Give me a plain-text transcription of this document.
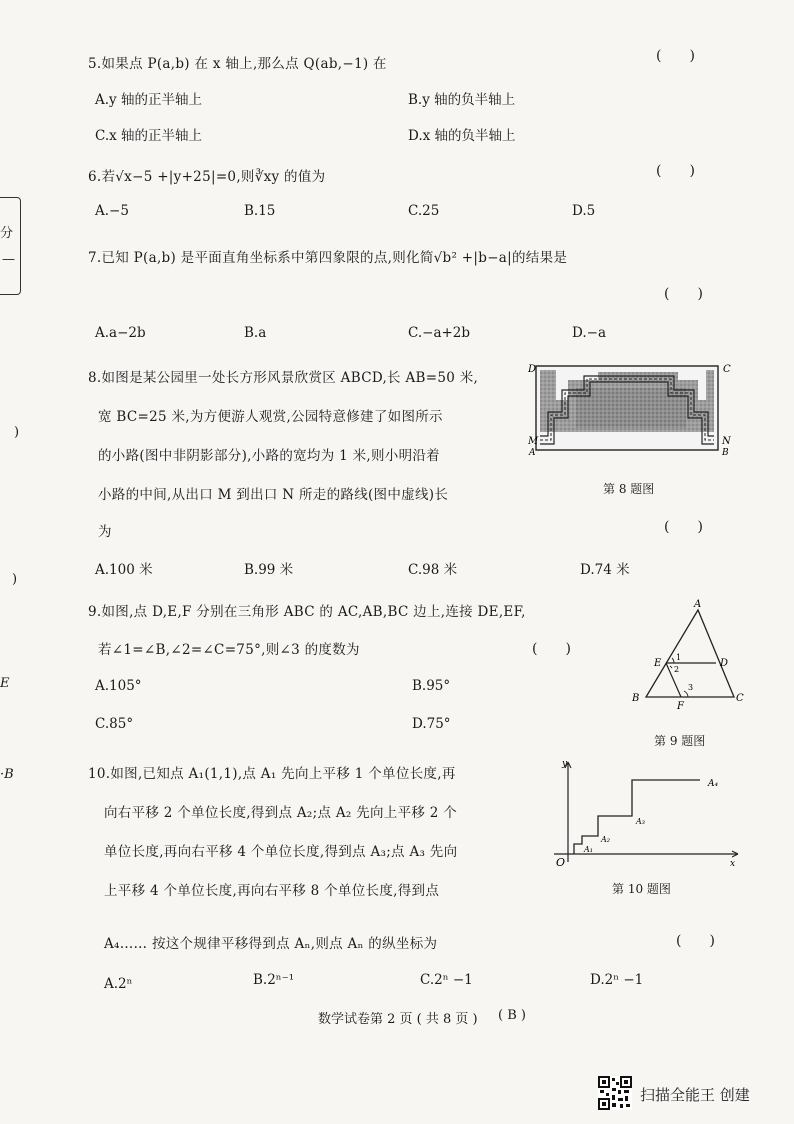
分
—
)
)
E
·B
5.如果点 P(a,b) 在 x 轴上,那么点 Q(ab,−1) 在	(　　)
A.y 轴的正半轴上	B.y 轴的负半轴上
C.x 轴的正半轴上	D.x 轴的负半轴上
6.若√x−5 +|y+25|=0,则∛xy 的值为	(　　)
A.−5	B.15	C.25	D.5
7.已知 P(a,b) 是平面直角坐标系中第四象限的点,则化简√b² +|b−a|的结果是
(　　)
A.a−2b	B.a	C.−a+2b	D.−a
8.如图是某公园里一处长方形风景欣赏区 ABCD,长 AB=50 米,
宽 BC=25 米,为方便游人观赏,公园特意修建了如图所示
的小路(图中非阴影部分),小路的宽均为 1 米,则小明沿着
小路的中间,从出口 M 到出口 N 所走的路线(图中虚线)长
为	(　　)
A.100 米	B.99 米	C.98 米	D.74 米
D	C
M
A
N
B
第 8 题图
9.如图,点 D,E,F 分别在三角形 ABC 的 AC,AB,BC 边上,连接 DE,EF,
若∠1=∠B,∠2=∠C=75°,则∠3 的度数为	(　　)
A.105°	B.95°
C.85°	D.75°
A
E	D
B
F
C
1
2
3
第 9 题图
10.如图,已知点 A₁(1,1),点 A₁ 先向上平移 1 个单位长度,再
向右平移 2 个单位长度,得到点 A₂;点 A₂ 先向上平移 2 个
单位长度,再向右平移 4 个单位长度,得到点 A₃;点 A₃ 先向
上平移 4 个单位长度,再向右平移 8 个单位长度,得到点
A₄…… 按这个规律平移得到点 Aₙ,则点 Aₙ 的纵坐标为	(　　)
A.2ⁿ	B.2ⁿ⁻¹	C.2ⁿ −1	D.2ⁿ −1
y
x
O
A₁
A₂
A₃
A₄
第 10 题图
数学试卷第 2 页 ( 共 8 页 ) ( B )
扫描全能王 创建
